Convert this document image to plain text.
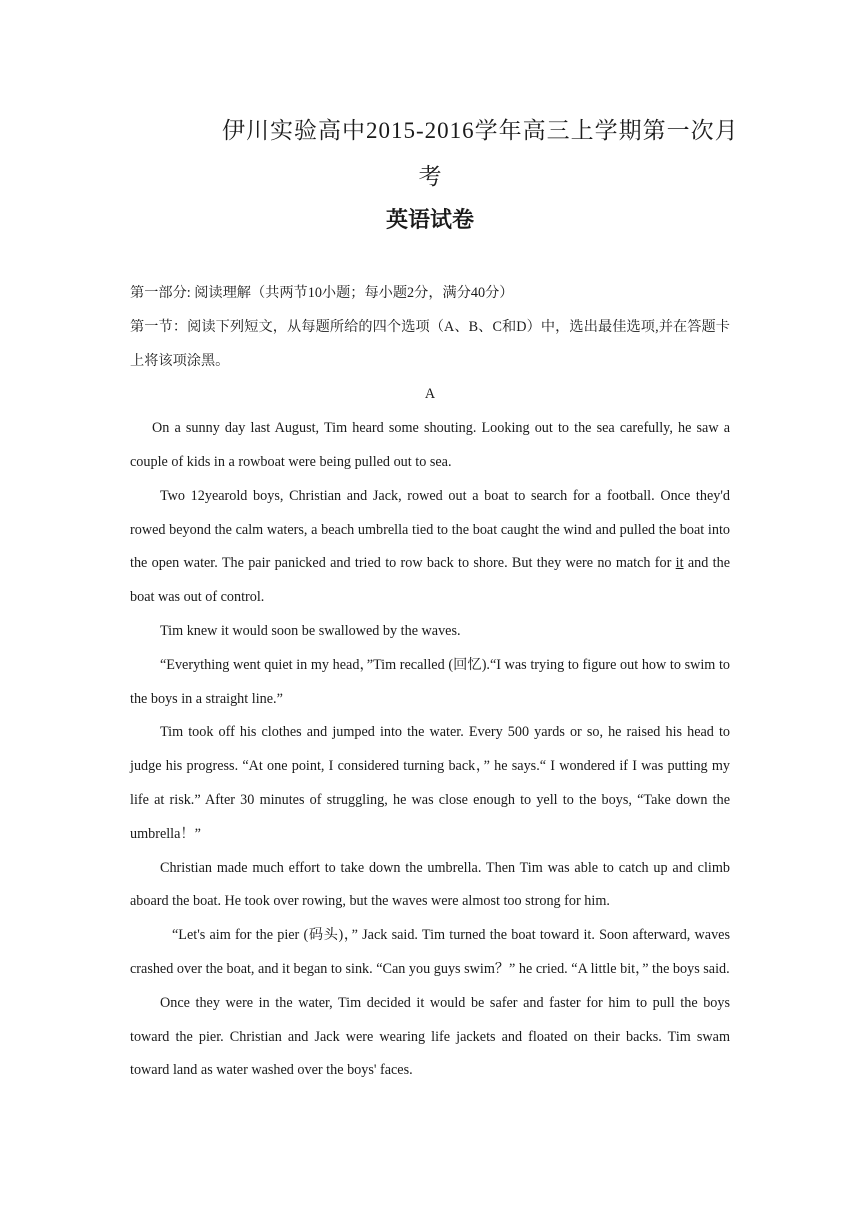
伊川实验高中2015-2016学年高三上学期第一次月
考
英语试卷

第一部分: 阅读理解（共两节10小题；每小题2分，满分40分）

第一节：阅读下列短文，从每题所给的四个选项（A、B、C和D）中，选出最佳选项,并在答题卡上将该项涂黑。

A

On a sunny day last August, Tim heard some shouting. Looking out to the sea carefully, he saw a couple of kids in a rowboat were being pulled out to sea.

Two 12yearold boys, Christian and Jack, rowed out a boat to search for a football. Once they'd rowed beyond the calm waters, a beach umbrella tied to the boat caught the wind and pulled the boat into the open water. The pair panicked and tried to row back to shore. But they were no match for it and the boat was out of control.

Tim knew it would soon be swallowed by the waves.

“Everything went quiet in my head，”Tim recalled (回忆).“I was trying to figure out how to swim to the boys in a straight line.”

Tim took off his clothes and jumped into the water. Every 500 yards or so, he raised his head to judge his progress. “At one point, I considered turning back，” he says.“ I wondered if I was putting my life at risk.” After 30 minutes of struggling, he was close enough to yell to the boys, “Take down the umbrella！”

Christian made much effort to take down the umbrella. Then Tim was able to catch up and climb aboard the boat. He took over rowing, but the waves were almost too strong for him.

“Let's aim for the pier (码头)，” Jack said. Tim turned the boat toward it. Soon afterward, waves crashed over the boat, and it began to sink. “Can you guys swim？” he cried. “A little bit，” the boys said.

Once they were in the water, Tim decided it would be safer and faster for him to pull the boys toward the pier. Christian and Jack were wearing life jackets and floated on their backs. Tim swam toward land as water washed over the boys' faces.
